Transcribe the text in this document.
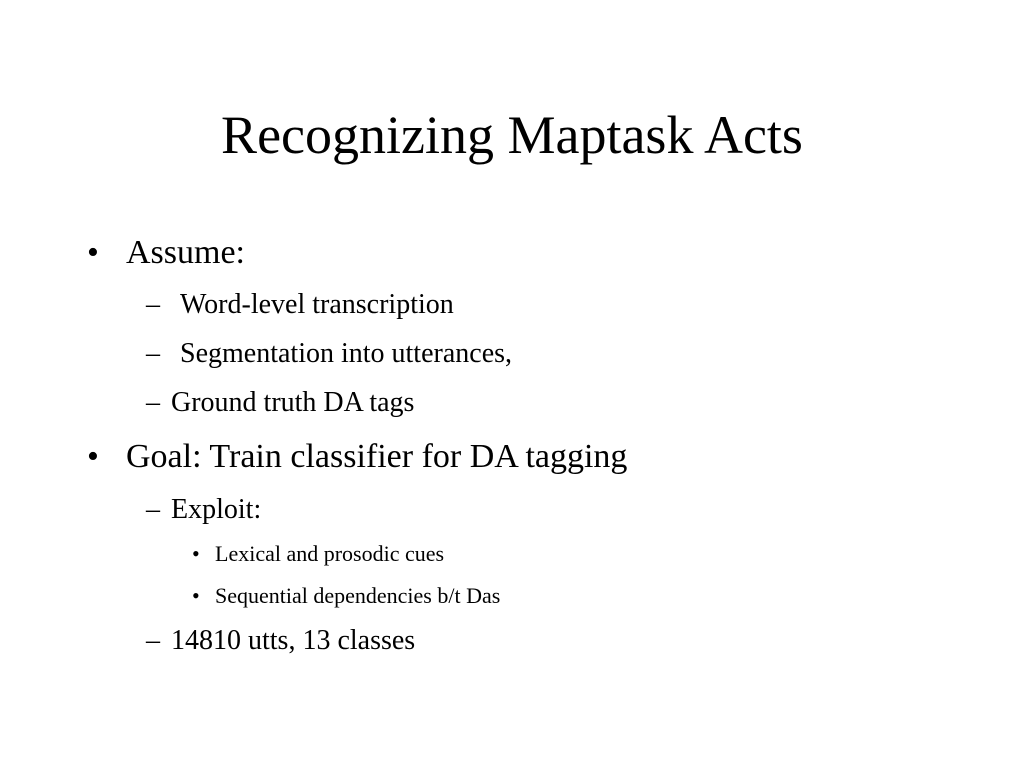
Recognizing Maptask Acts
• Assume:
– Word-level transcription
– Segmentation into utterances,
– Ground truth DA tags
• Goal: Train classifier for DA tagging
– Exploit:
• Lexical and prosodic cues
• Sequential dependencies b/t Das
– 14810 utts, 13 classes
